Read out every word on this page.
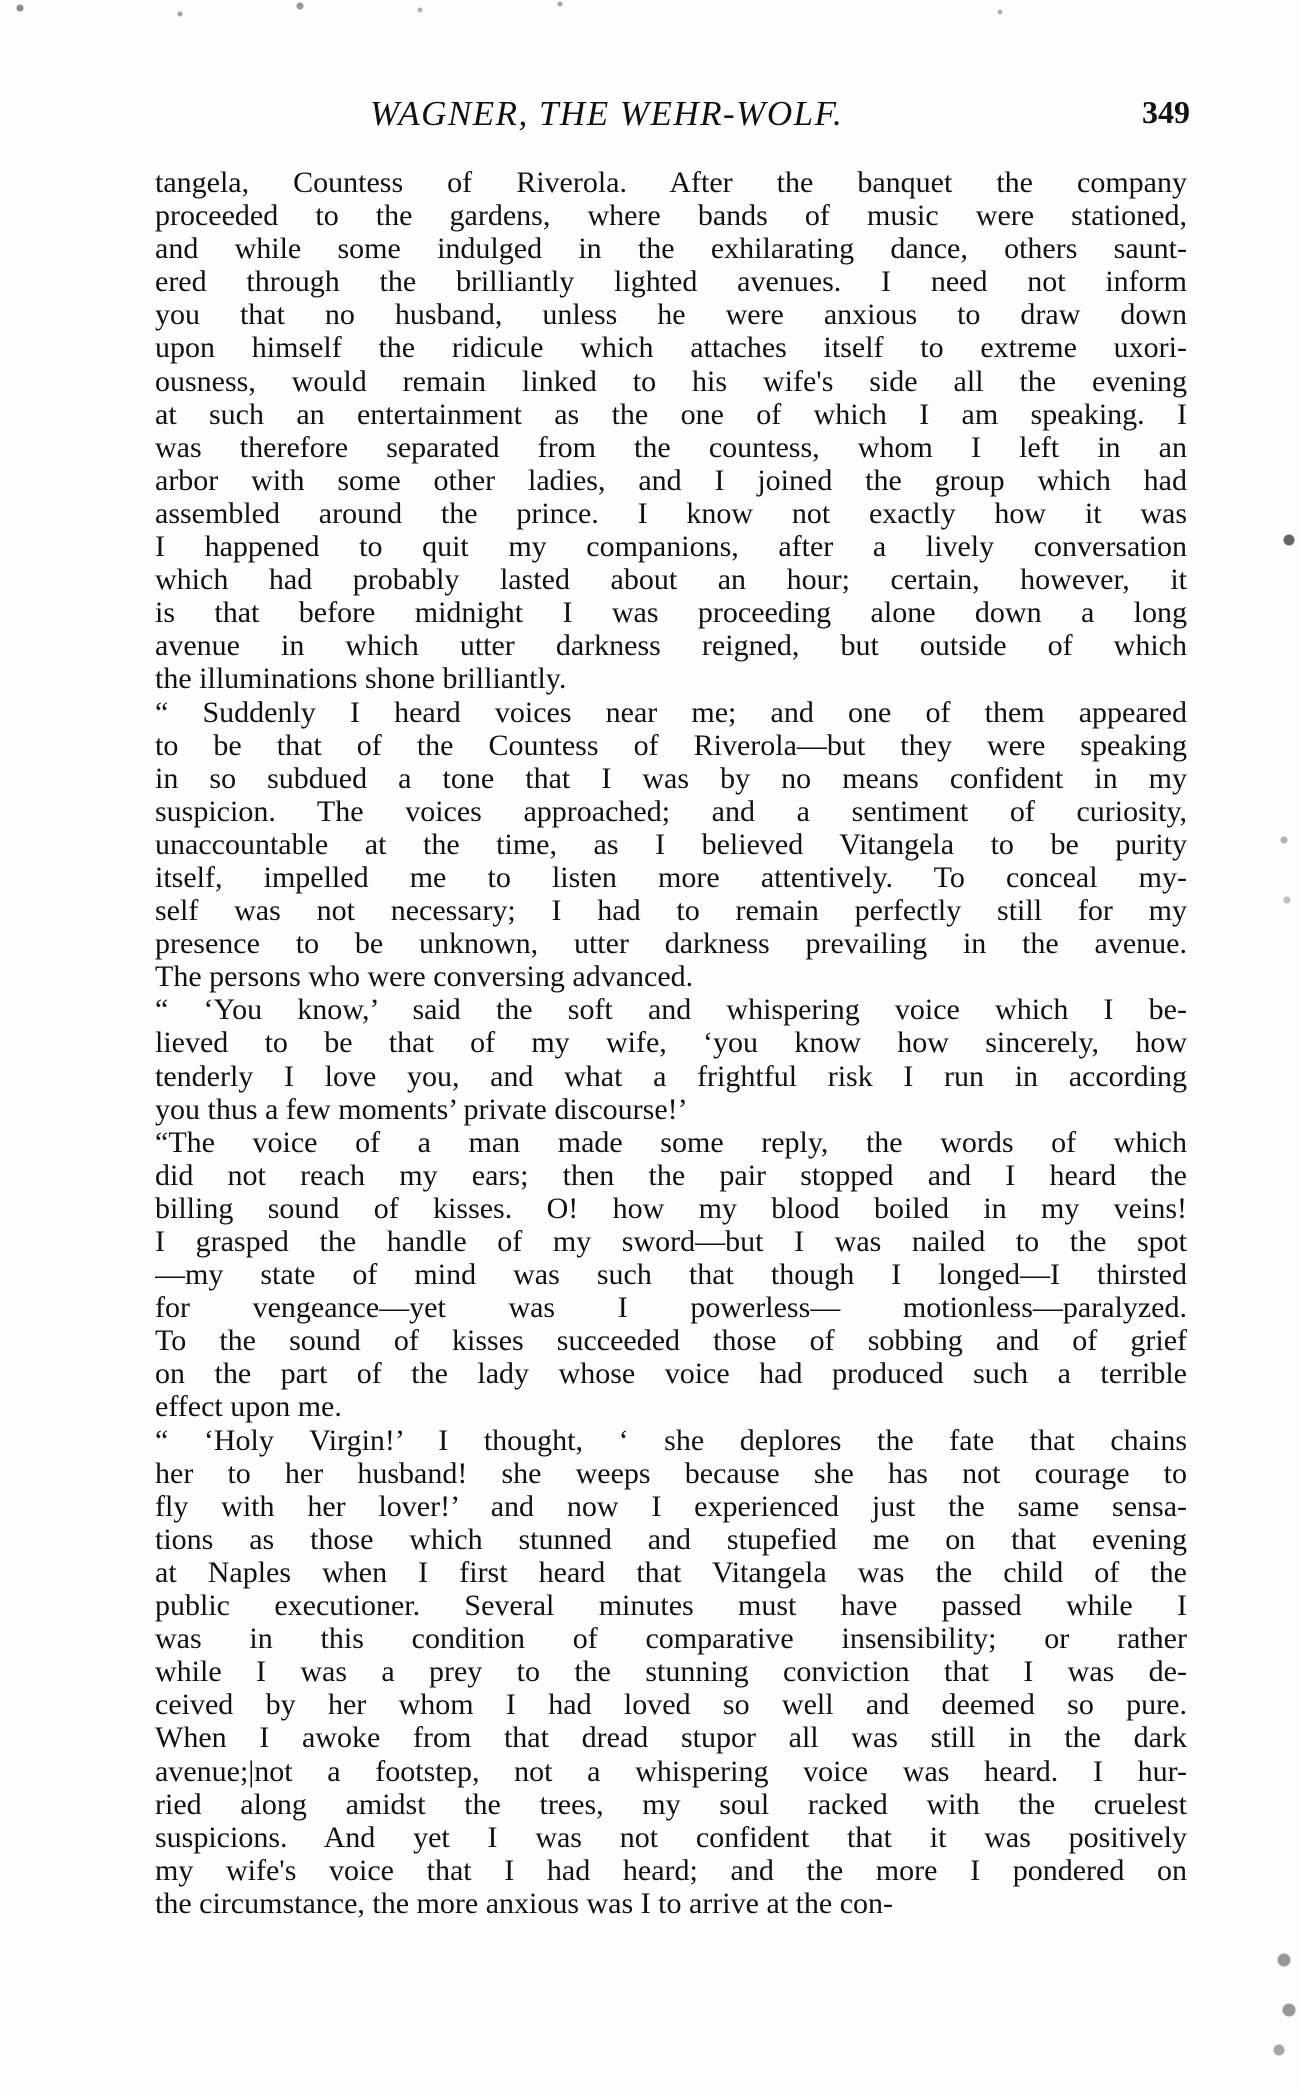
WAGNER, THE WEHR-WOLF.	349
tangela, Countess of Riverola. After the banquet the company
proceeded to the gardens, where bands of music were stationed,
and while some indulged in the exhilarating dance, others saunt-
ered through the brilliantly lighted avenues. I need not inform
you that no husband, unless he were anxious to draw down
upon himself the ridicule which attaches itself to extreme uxori-
ousness, would remain linked to his wife's side all the evening
at such an entertainment as the one of which I am speaking. I
was therefore separated from the countess, whom I left in an
arbor with some other ladies, and I joined the group which had
assembled around the prince. I know not exactly how it was
I happened to quit my companions, after a lively conversation
which had probably lasted about an hour; certain, however, it
is that before midnight I was proceeding alone down a long
avenue in which utter darkness reigned, but outside of which
the illuminations shone brilliantly.
“ Suddenly I heard voices near me; and one of them appeared
to be that of the Countess of Riverola—but they were speaking
in so subdued a tone that I was by no means confident in my
suspicion. The voices approached; and a sentiment of curiosity,
unaccountable at the time, as I believed Vitangela to be purity
itself, impelled me to listen more attentively. To conceal my-
self was not necessary; I had to remain perfectly still for my
presence to be unknown, utter darkness prevailing in the avenue.
The persons who were conversing advanced.
“ ‘You know,’ said the soft and whispering voice which I be-
lieved to be that of my wife, ‘you know how sincerely, how
tenderly I love you, and what a frightful risk I run in according
you thus a few moments’ private discourse!’
“The voice of a man made some reply, the words of which
did not reach my ears; then the pair stopped and I heard the
billing sound of kisses. O! how my blood boiled in my veins!
I grasped the handle of my sword—but I was nailed to the spot
—my state of mind was such that though I longed—I thirsted
for vengeance—yet was I powerless— motionless—paralyzed.
To the sound of kisses succeeded those of sobbing and of grief
on the part of the lady whose voice had produced such a terrible
effect upon me.
“ ‘Holy Virgin!’ I thought, ‘ she deplores the fate that chains
her to her husband! she weeps because she has not courage to
fly with her lover!’ and now I experienced just the same sensa-
tions as those which stunned and stupefied me on that evening
at Naples when I first heard that Vitangela was the child of the
public executioner. Several minutes must have passed while I
was in this condition of comparative insensibility; or rather
while I was a prey to the stunning conviction that I was de-
ceived by her whom I had loved so well and deemed so pure.
When I awoke from that dread stupor all was still in the dark
avenue;|not a footstep, not a whispering voice was heard. I hur-
ried along amidst the trees, my soul racked with the cruelest
suspicions. And yet I was not confident that it was positively
my wife's voice that I had heard; and the more I pondered on
the circumstance, the more anxious was I to arrive at the con-
